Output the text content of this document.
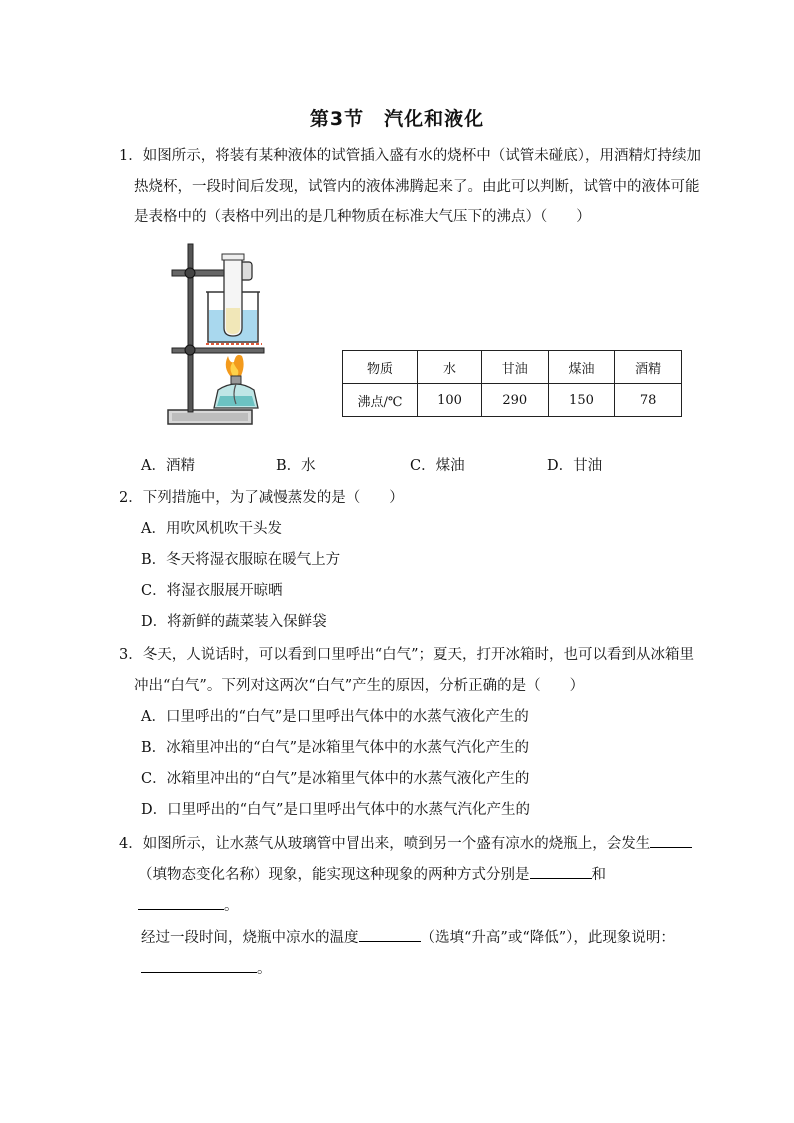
第3节　汽化和液化
1．如图所示，将装有某种液体的试管插入盛有水的烧杯中（试管未碰底），用酒精灯持续加
热烧杯，一段时间后发现，试管内的液体沸腾起来了。由此可以判断，试管中的液体可能
是表格中的（表格中列出的是几种物质在标准大气压下的沸点）（　　）
物质	水	甘油	煤油	酒精
沸点/℃	100	290	150	78
A．酒精	B．水	C．煤油	D．甘油
2．下列措施中，为了减慢蒸发的是（　　）
A．用吹风机吹干头发
B．冬天将湿衣服晾在暖气上方
C．将湿衣服展开晾晒
D．将新鲜的蔬菜装入保鲜袋
3．冬天，人说话时，可以看到口里呼出“白气”；夏天，打开冰箱时，也可以看到从冰箱里
冲出“白气”。下列对这两次“白气”产生的原因，分析正确的是（　　）
A．口里呼出的“白气”是口里呼出气体中的水蒸气液化产生的
B．冰箱里冲出的“白气”是冰箱里气体中的水蒸气汽化产生的
C．冰箱里冲出的“白气”是冰箱里气体中的水蒸气液化产生的
D．口里呼出的“白气”是口里呼出气体中的水蒸气汽化产生的
4．如图所示，让水蒸气从玻璃管中冒出来，喷到另一个盛有凉水的烧瓶上，会发生
（填物态变化名称）现象，能实现这种现象的两种方式分别是	和
。
经过一段时间，烧瓶中凉水的温度	（选填“升高”或“降低”），此现象说明：
。
